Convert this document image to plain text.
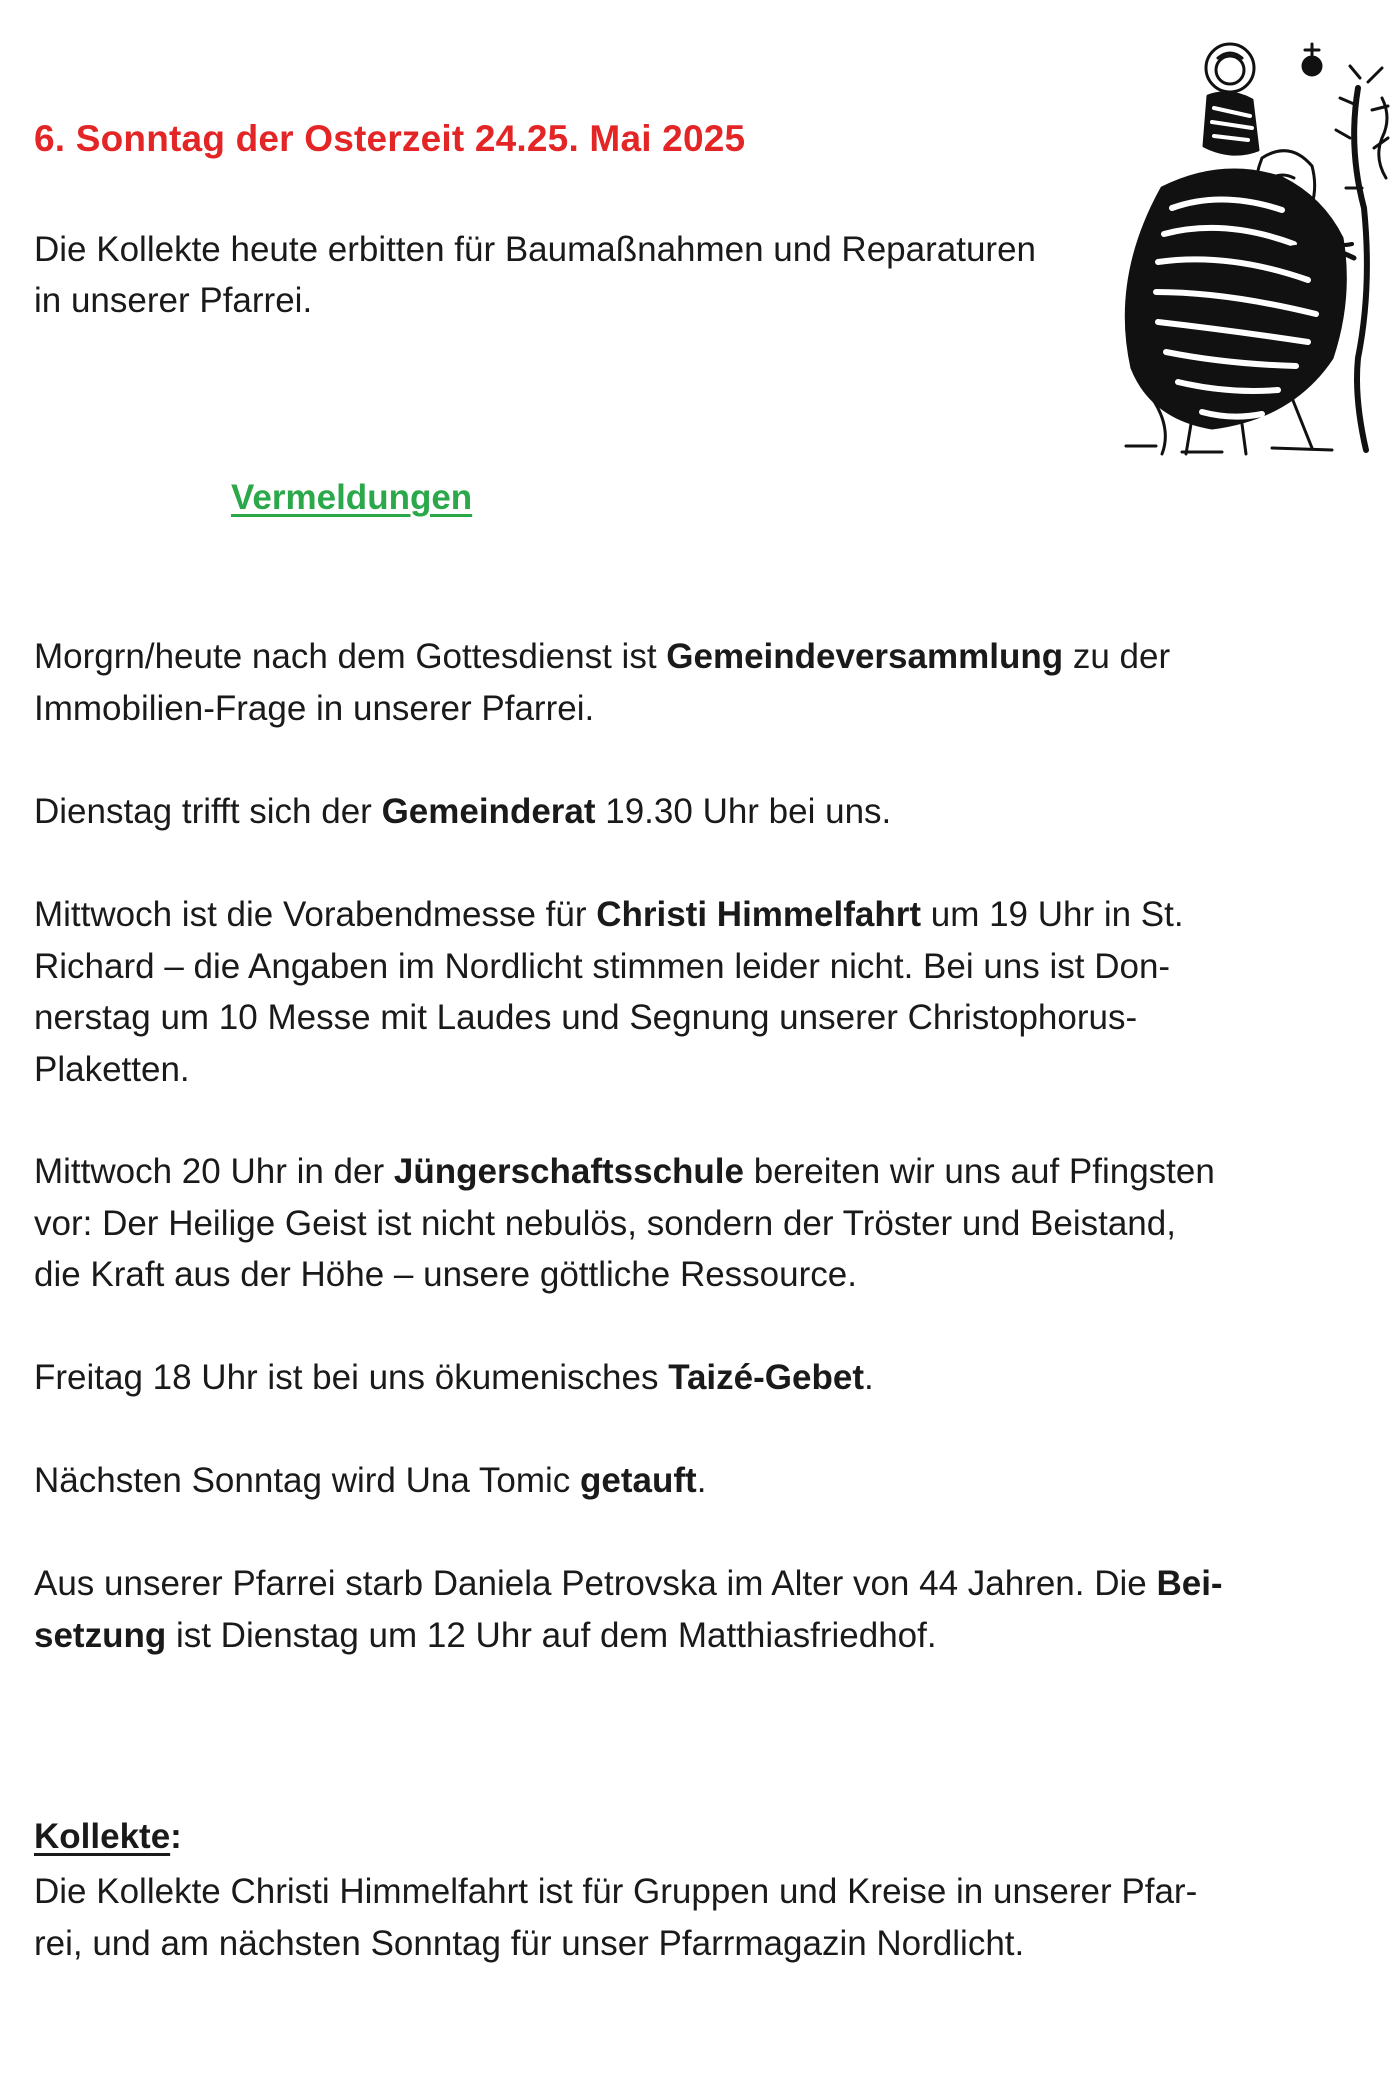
6. Sonntag der Osterzeit 24.25. Mai 2025
Die Kollekte heute erbitten für Baumaßnahmen und Reparaturen
in unserer Pfarrei.
Vermeldungen

Morgrn/heute nach dem Gottesdienst ist Gemeindeversammlung zu der
Immobilien-Frage in unserer Pfarrei.

Dienstag trifft sich der Gemeinderat 19.30 Uhr bei uns.

Mittwoch ist die Vorabendmesse für Christi Himmelfahrt um 19 Uhr in St.
Richard – die Angaben im Nordlicht stimmen leider nicht. Bei uns ist Don-
nerstag um 10 Messe mit Laudes und Segnung unserer Christophorus-
Plaketten.

Mittwoch 20 Uhr in der Jüngerschaftsschule bereiten wir uns auf Pfingsten
vor: Der Heilige Geist ist nicht nebulös, sondern der Tröster und Beistand,
die Kraft aus der Höhe – unsere göttliche Ressource.

Freitag 18 Uhr ist bei uns ökumenisches Taizé-Gebet.

Nächsten Sonntag wird Una Tomic getauft.

Aus unserer Pfarrei starb Daniela Petrovska im Alter von 44 Jahren. Die Bei-
setzung ist Dienstag um 12 Uhr auf dem Matthiasfriedhof.

Kollekte:

Die Kollekte Christi Himmelfahrt ist für Gruppen und Kreise in unserer Pfar-
rei, und am nächsten Sonntag für unser Pfarrmagazin Nordlicht.
